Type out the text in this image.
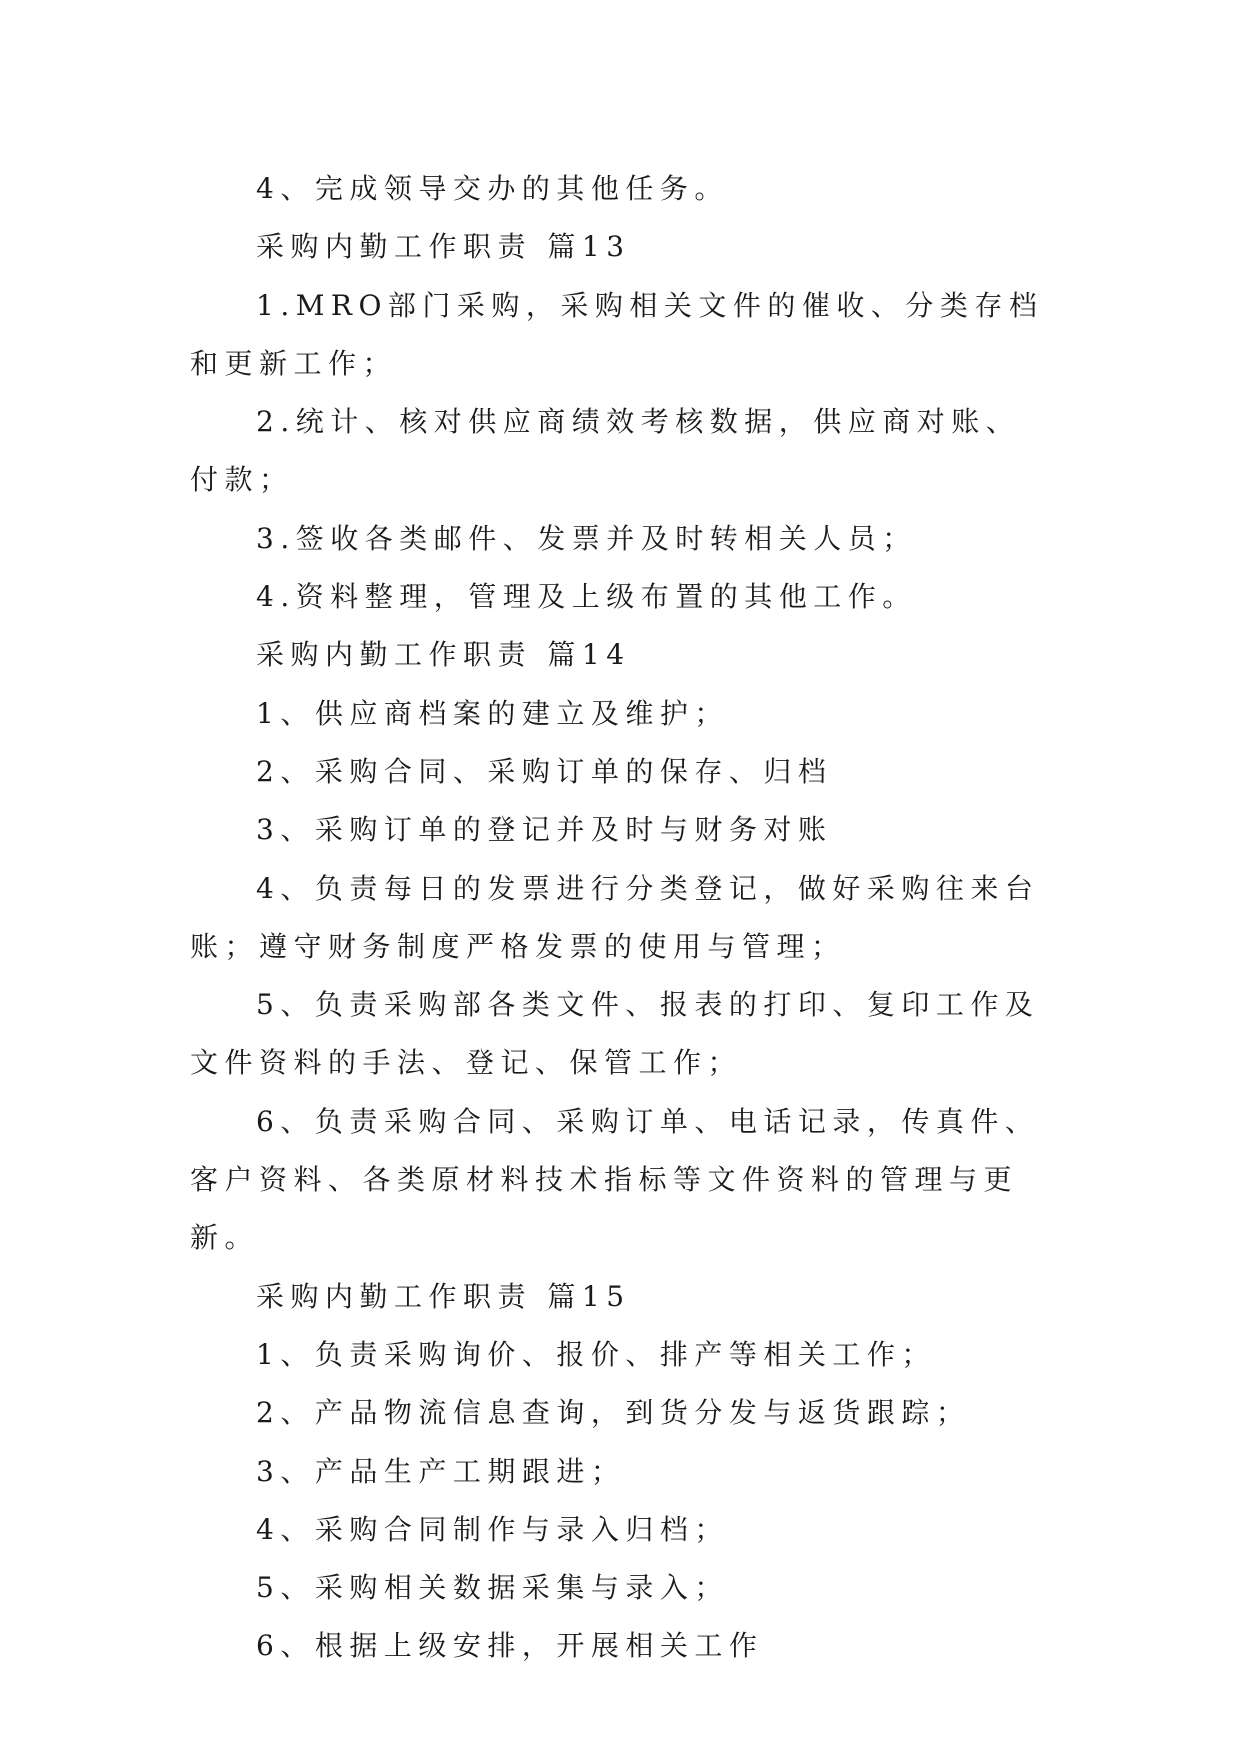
4、完成领导交办的其他任务。

采购内勤工作职责 篇13

1.MRO部门采购，采购相关文件的催收、分类存档和更新工作；

2.统计、核对供应商绩效考核数据，供应商对账、付款；

3.签收各类邮件、发票并及时转相关人员；

4.资料整理，管理及上级布置的其他工作。

采购内勤工作职责 篇14

1、供应商档案的建立及维护；

2、采购合同、采购订单的保存、归档

3、采购订单的登记并及时与财务对账

4、负责每日的发票进行分类登记，做好采购往来台账；遵守财务制度严格发票的使用与管理；

5、负责采购部各类文件、报表的打印、复印工作及文件资料的手法、登记、保管工作；

6、负责采购合同、采购订单、电话记录，传真件、客户资料、各类原材料技术指标等文件资料的管理与更新。

采购内勤工作职责 篇15

1、负责采购询价、报价、排产等相关工作；

2、产品物流信息查询，到货分发与返货跟踪；

3、产品生产工期跟进；

4、采购合同制作与录入归档；

5、采购相关数据采集与录入；

6、根据上级安排，开展相关工作
